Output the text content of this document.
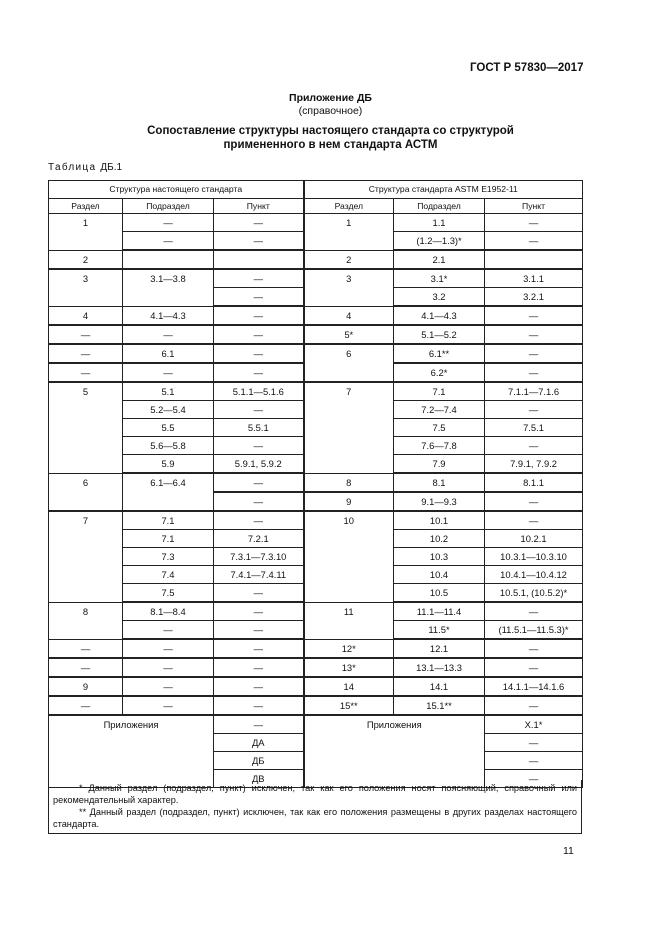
ГОСТ Р 57830—2017
Приложение ДБ
(справочное)
Сопоставление структуры настоящего стандарта со структурой
примененного в нем стандарта АСТМ
Таблица ДБ.1
Структура настоящего стандарта			Структура стандарта ASTM E1952-11		
Раздел	Подраздел	Пункт	Раздел	Подраздел	Пункт
1	—	—	1	1.1	—
	—	—		(1.2—1.3)*	—
2			2	2.1	
3	3.1—3.8	—	3	3.1*	3.1.1
		—		3.2	3.2.1
4	4.1—4.3	—	4	4.1—4.3	—
—	—	—	5*	5.1—5.2	—
—	6.1	—	6	6.1**	—
—	—	—		6.2*	—
5	5.1	5.1.1—5.1.6	7	7.1	7.1.1—7.1.6
	5.2—5.4	—		7.2—7.4	—
	5.5	5.5.1		7.5	7.5.1
	5.6—5.8	—		7.6—7.8	—
	5.9	5.9.1, 5.9.2		7.9	7.9.1, 7.9.2
6	6.1—6.4	—	8	8.1	8.1.1
		—	9	9.1—9.3	—
7	7.1	—	10	10.1	—
	7.1	7.2.1		10.2	10.2.1
	7.3	7.3.1—7.3.10		10.3	10.3.1—10.3.10
	7.4	7.4.1—7.4.11		10.4	10.4.1—10.4.12
	7.5	—		10.5	10.5.1, (10.5.2)*
8	8.1—8.4	—	11	11.1—11.4	—
	—	—		11.5*	(11.5.1—11.5.3)*
—	—	—	12*	12.1	—
—	—	—	13*	13.1—13.3	—
9	—	—	14	14.1	14.1.1—14.1.6
—	—	—	15**	15.1**	—
Приложения		—	Приложения		X.1*
		ДА			—
		ДБ			—
		ДВ			—

* Данный раздел (подраздел, пункт) исключен, так как его положения носят поясняющий, справочный или рекомендательный характер.

** Данный раздел (подраздел, пункт) исключен, так как его положения размещены в других разделах настоящего стандарта.

11
